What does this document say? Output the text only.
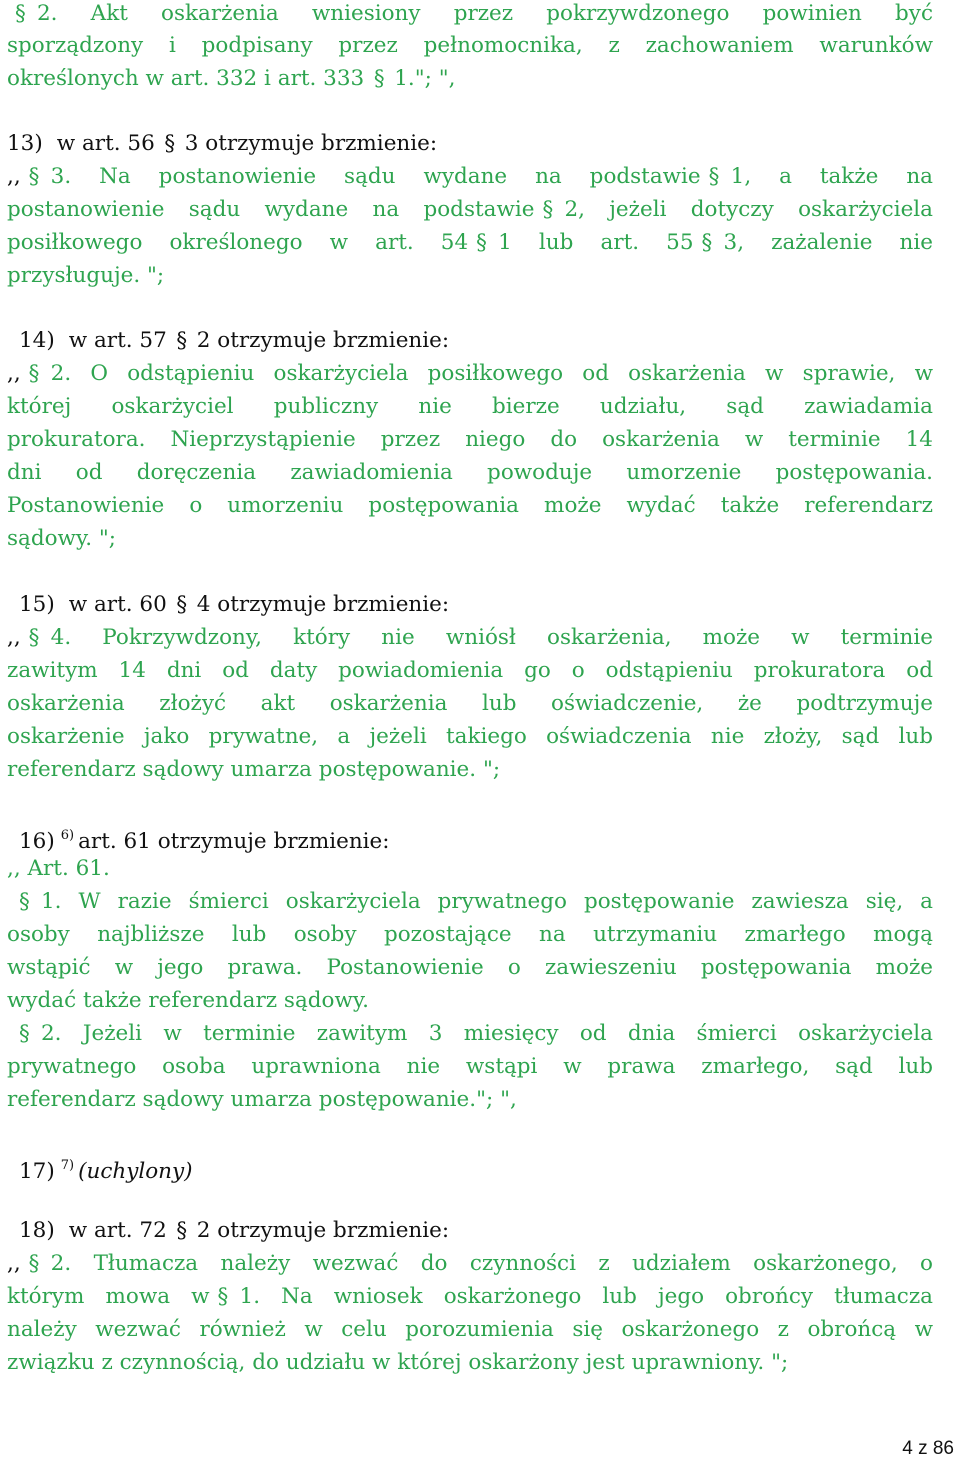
§ 2. Akt oskarżenia wniesiony przez pokrzywdzonego powinien być

sporządzony i podpisany przez pełnomocnika, z zachowaniem warunków

określonych w art. 332 i art. 333 § 1."; ",

13) w art. 56 § 3 otrzymuje brzmienie:

,, § 3. Na postanowienie sądu wydane na podstawie § 1, a także na

postanowienie sądu wydane na podstawie § 2, jeżeli dotyczy oskarżyciela

posiłkowego określonego w art. 54 § 1 lub art. 55 § 3, zażalenie nie

przysługuje. ";

14) w art. 57 § 2 otrzymuje brzmienie:

,, § 2. O odstąpieniu oskarżyciela posiłkowego od oskarżenia w sprawie, w

której oskarżyciel publiczny nie bierze udziału, sąd zawiadamia

prokuratora. Nieprzystąpienie przez niego do oskarżenia w terminie 14

dni od doręczenia zawiadomienia powoduje umorzenie postępowania.

Postanowienie o umorzeniu postępowania może wydać także referendarz

sądowy. ";

15) w art. 60 § 4 otrzymuje brzmienie:

,, § 4. Pokrzywdzony, który nie wniósł oskarżenia, może w terminie

zawitym 14 dni od daty powiadomienia go o odstąpieniu prokuratora od

oskarżenia złożyć akt oskarżenia lub oświadczenie, że podtrzymuje

oskarżenie jako prywatne, a jeżeli takiego oświadczenia nie złoży, sąd lub

referendarz sądowy umarza postępowanie. ";

16) $^{6)}$ art. 61 otrzymuje brzmienie:

,, Art. 61.

§ 1. W razie śmierci oskarżyciela prywatnego postępowanie zawiesza się, a

osoby najbliższe lub osoby pozostające na utrzymaniu zmarłego mogą

wstąpić w jego prawa. Postanowienie o zawieszeniu postępowania może

wydać także referendarz sądowy.

§ 2. Jeżeli w terminie zawitym 3 miesięcy od dnia śmierci oskarżyciela

prywatnego osoba uprawniona nie wstąpi w prawa zmarłego, sąd lub

referendarz sądowy umarza postępowanie."; ",

17) $^{7)}$ (uchylony)
18) w art. 72 § 2 otrzymuje brzmienie:

,, § 2. Tłumacza należy wezwać do czynności z udziałem oskarżonego, o

którym mowa w § 1. Na wniosek oskarżonego lub jego obrońcy tłumacza

należy wezwać również w celu porozumienia się oskarżonego z obrońcą w

związku z czynnością, do udziału w której oskarżony jest uprawniony. ";

4 z 86
